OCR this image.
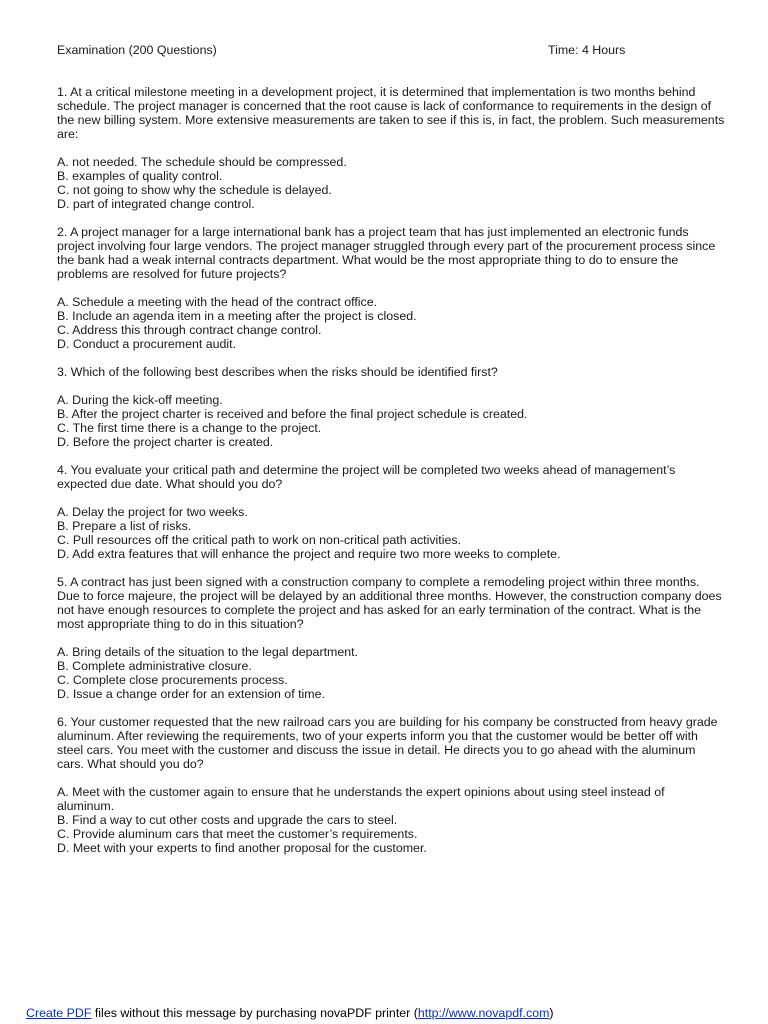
Examination (200 Questions)	Time: 4 Hours

1. At a critical milestone meeting in a development project, it is determined that implementation is two months behind schedule. The project manager is concerned that the root cause is lack of conformance to requirements in the design of the new billing system. More extensive measurements are taken to see if this is, in fact, the problem. Such measurements are:

A. not needed. The schedule should be compressed.
B. examples of quality control.
C. not going to show why the schedule is delayed.
D. part of integrated change control.

2. A project manager for a large international bank has a project team that has just implemented an electronic funds project involving four large vendors. The project manager struggled through every part of the procurement process since the bank had a weak internal contracts department. What would be the most appropriate thing to do to ensure the problems are resolved for future projects?

A. Schedule a meeting with the head of the contract office.
B. Include an agenda item in a meeting after the project is closed.
C. Address this through contract change control.
D. Conduct a procurement audit.

3. Which of the following best describes when the risks should be identified first?

A. During the kick-off meeting.
B. After the project charter is received and before the final project schedule is created.
C. The first time there is a change to the project.
D. Before the project charter is created.

4. You evaluate your critical path and determine the project will be completed two weeks ahead of management’s expected due date. What should you do?

A. Delay the project for two weeks.
B. Prepare a list of risks.
C. Pull resources off the critical path to work on non-critical path activities.
D. Add extra features that will enhance the project and require two more weeks to complete.

5. A contract has just been signed with a construction company to complete a remodeling project within three months. Due to force majeure, the project will be delayed by an additional three months. However, the construction company does not have enough resources to complete the project and has asked for an early termination of the contract. What is the most appropriate thing to do in this situation?

A. Bring details of the situation to the legal department.
B. Complete administrative closure.
C. Complete close procurements process.
D. Issue a change order for an extension of time.

6. Your customer requested that the new railroad cars you are building for his company be constructed from heavy grade aluminum. After reviewing the requirements, two of your experts inform you that the customer would be better off with steel cars. You meet with the customer and discuss the issue in detail. He directs you to go ahead with the aluminum cars. What should you do?

A. Meet with the customer again to ensure that he understands the expert opinions about using steel instead of aluminum.
B. Find a way to cut other costs and upgrade the cars to steel.
C. Provide aluminum cars that meet the customer’s requirements.
D. Meet with your experts to find another proposal for the customer.
Create PDF files without this message by purchasing novaPDF printer (http://www.novapdf.com)
